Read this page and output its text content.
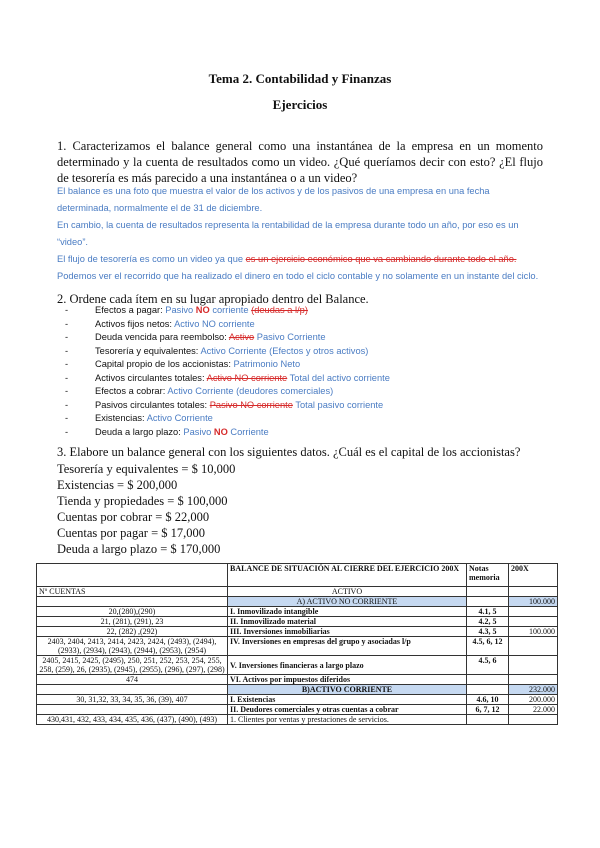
Tema 2. Contabilidad y Finanzas
Ejercicios
1. Caracterizamos el balance general como una instantánea de la empresa en un momento determinado y la cuenta de resultados como un video. ¿Qué queríamos decir con esto? ¿El flujo de tesorería es más parecido a una instantánea o a un video?
El balance es una foto que muestra el valor de los activos y de los pasivos de una empresa en una fecha determinada, normalmente el de 31 de diciembre.
En cambio, la cuenta de resultados representa la rentabilidad de la empresa durante todo un año, por eso es un “video”.
El flujo de tesorería es como un video ya que es un ejercicio económico que va cambiando durante todo el año. Podemos ver el recorrido que ha realizado el dinero en todo el ciclo contable y no solamente en un instante del ciclo.
2. Ordene cada ítem en su lugar apropiado dentro del Balance.
-	Efectos a pagar: Pasivo NO corriente (deudas a l/p)
-	Activos fijos netos: Activo NO corriente
-	Deuda vencida para reembolso: Activo Pasivo Corriente
-	Tesorería y equivalentes: Activo Corriente (Efectos y otros activos)
-	Capital propio de los accionistas: Patrimonio Neto
-	Activos circulantes totales: Activo NO corriente Total del activo corriente
-	Efectos a cobrar: Activo Corriente (deudores comerciales)
-	Pasivos circulantes totales: Pasivo NO corriente Total pasivo corriente
-	Existencias: Activo Corriente
-	Deuda a largo plazo: Pasivo NO Corriente
3. Elabore un balance general con los siguientes datos. ¿Cuál es el capital de los accionistas?
Tesorería y equivalentes = $ 10,000
Existencias = $ 200,000
Tienda y propiedades = $ 100,000
Cuentas por cobrar = $ 22,000
Cuentas por pagar = $ 17,000
Deuda a largo plazo = $ 170,000
	BALANCE DE SITUACIÓN AL CIERRE DEL EJERCICIO 200X	Notas memoria	200X
Nº CUENTAS	ACTIVO		
	A) ACTIVO NO CORRIENTE		100.000
20,(280),(290)	I. Inmovilizado intangible	4.1, 5	
21, (281), (291), 23	II. Inmovilizado material	4.2, 5	
22, (282) ,(292)	III. Inversiones inmobiliarias	4.3, 5	100.000
2403, 2404, 2413, 2414, 2423, 2424, (2493), (2494), (2933), (2934), (2943), (2944), (2953), (2954)	IV. Inversiones en empresas del grupo y asociadas l/p	4.5, 6, 12	
2405, 2415, 2425, (2495), 250, 251, 252, 253, 254, 255, 258, (259), 26, (2935), (2945), (2955), (296), (297), (298)	V. Inversiones financieras a largo plazo	4.5, 6	
474	VI. Activos por impuestos diferidos		
	B)ACTIVO CORRIENTE		232.000
30, 31,32, 33, 34, 35, 36, (39), 407	I. Existencias	4.6, 10	200.000
	II. Deudores comerciales y otras cuentas a cobrar	6, 7, 12	22.000
430,431, 432, 433, 434, 435, 436, (437), (490), (493)	1. Clientes por ventas y prestaciones de servicios.		
